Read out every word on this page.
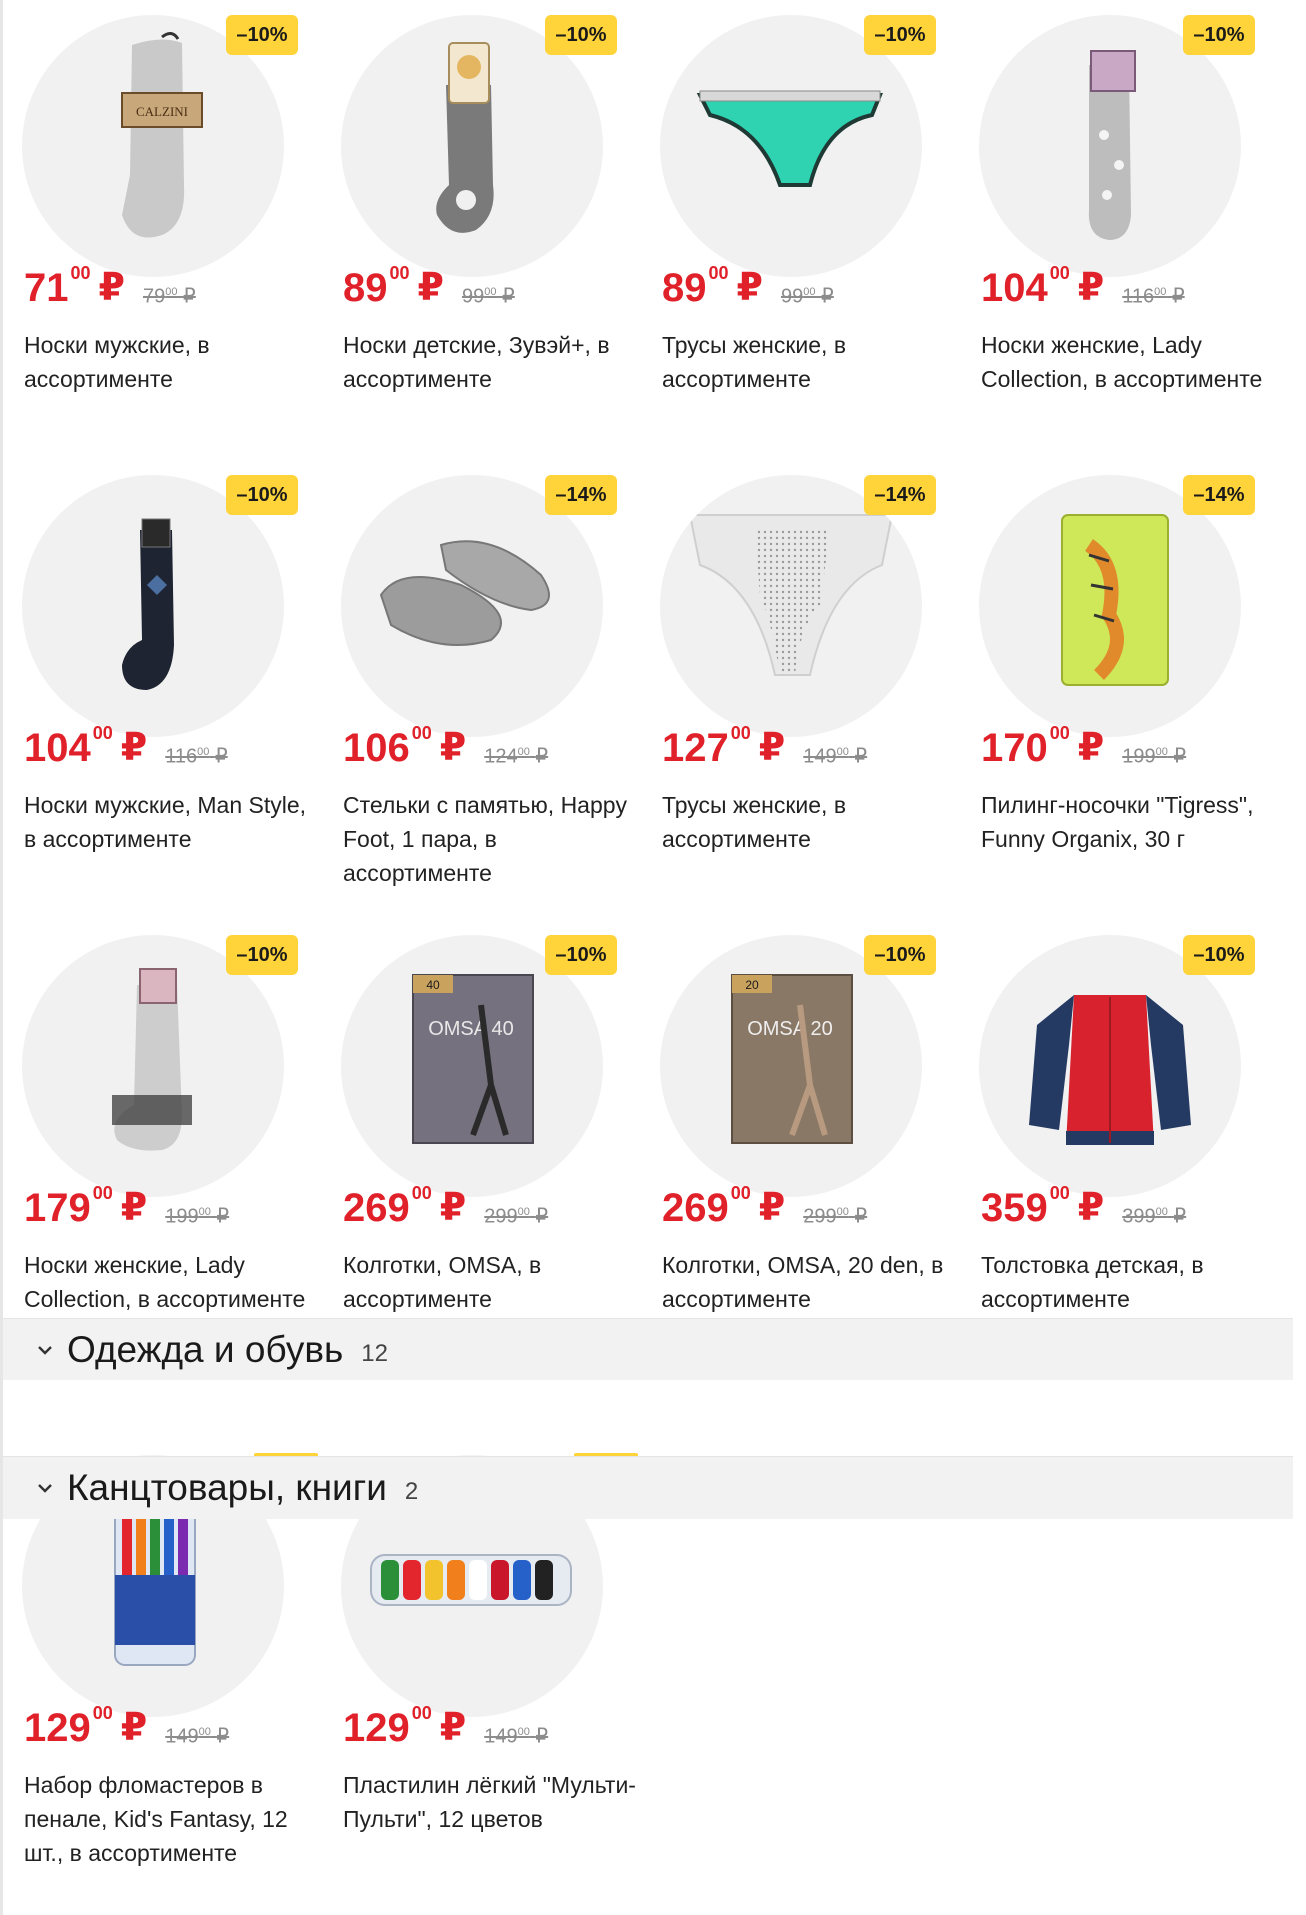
CALZINI
–10%
71 00 ₽ $79^{00}$ ₽
Носки мужские, в ассортименте
–10%
89 00 ₽ $99^{00}$ ₽
Носки детские, Зувэй+, в ассортименте
–10%
89 00 ₽ $99^{00}$ ₽
Трусы женские, в ассортименте
–10%
104 00 ₽ $116^{00}$ ₽
Носки женские, Lady Collection, в ассортименте
–10%
104 00 ₽ $116^{00}$ ₽
Носки мужские, Man Style, в ассортименте
–14%
106 00 ₽ $124^{00}$ ₽
Стельки с памятью, Happy Foot, 1 пара, в ассортименте
–14%
127 00 ₽ $149^{00}$ ₽
Трусы женские, в ассортименте
–14%
170 00 ₽ $199^{00}$ ₽
Пилинг-носочки "Tigress", Funny Organix, 30 г
–10%
179 00 ₽ $199^{00}$ ₽
Носки женские, Lady Collection, в ассортименте
40
OMSA 40
–10%
269 00 ₽ $299^{00}$ ₽
Колготки, OMSA, в ассортименте
20
OMSA 20
–10%
269 00 ₽ $299^{00}$ ₽
Колготки, OMSA, 20 den, в ассортименте
–10%
359 00 ₽ $399^{00}$ ₽
Толстовка детская, в ассортименте
129 00 ₽ $149^{00}$ ₽
Набор фломастеров в пенале, Kid's Fantasy, 12 шт., в ассортименте
129 00 ₽ $149^{00}$ ₽
Пластилин лёгкий "Мульти-Пульти", 12 цветов
Одежда и обувь 12
Канцтовары, книги 2
